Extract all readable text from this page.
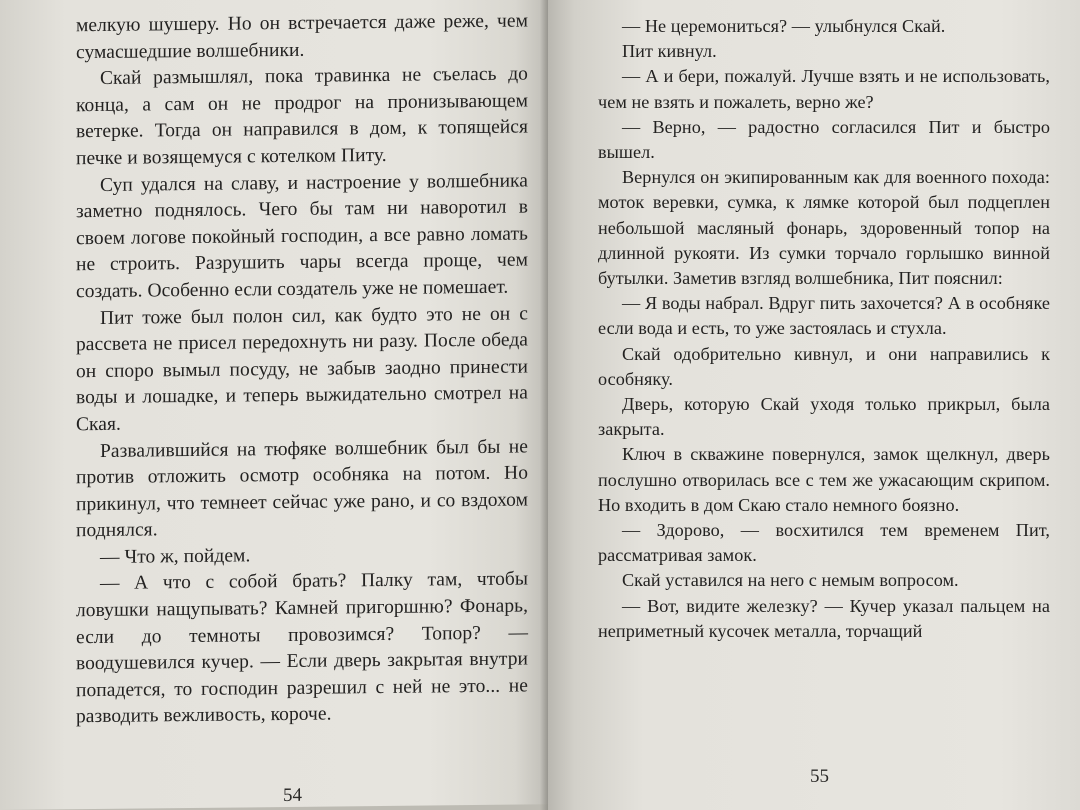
мелкую шушеру. Но он встречается даже реже, чем сумасшедшие волшебники.

Скай размышлял, пока травинка не съелась до конца, а сам он не продрог на пронизывающем ветерке. Тогда он направился в дом, к топящейся печке и возящемуся с котелком Питу.

Суп удался на славу, и настроение у волшебника заметно поднялось. Чего бы там ни наворотил в своем логове покойный господин, а все равно ломать не строить. Разрушить чары всегда проще, чем создать. Особенно если создатель уже не помешает.

Пит тоже был полон сил, как будто это не он с рассвета не присел передохнуть ни разу. После обеда он споро вымыл посуду, не забыв заодно принести воды и лошадке, и теперь выжидательно смотрел на Ская.

Развалившийся на тюфяке волшебник был бы не против отложить осмотр особняка на потом. Но прикинул, что темнеет сейчас уже рано, и со вздохом поднялся.

— Что ж, пойдем.

— А что с собой брать? Палку там, чтобы ловушки нащупывать? Камней пригоршню? Фонарь, если до темноты провозимся? Топор? — воодушевился кучер. — Если дверь закрытая внутри попадется, то господин разрешил с ней не это... не разводить вежливость, короче.

54

— Не церемониться? — улыбнулся Скай.

Пит кивнул.

— А и бери, пожалуй. Лучше взять и не использовать, чем не взять и пожалеть, верно же?

— Верно, — радостно согласился Пит и быстро вышел.

Вернулся он экипированным как для военного похода: моток веревки, сумка, к лямке которой был подцеплен небольшой масляный фонарь, здоровенный топор на длинной рукояти. Из сумки торчало горлышко винной бутылки. Заметив взгляд волшебника, Пит пояснил:

— Я воды набрал. Вдруг пить захочется? А в особняке если вода и есть, то уже застоялась и стухла.

Скай одобрительно кивнул, и они направились к особняку.

Дверь, которую Скай уходя только прикрыл, была закрыта.

Ключ в скважине повернулся, замок щелкнул, дверь послушно отворилась все с тем же ужасающим скрипом. Но входить в дом Скаю стало немного боязно.

— Здорово, — восхитился тем временем Пит, рассматривая замок.

Скай уставился на него с немым вопросом.

— Вот, видите железку? — Кучер указал пальцем на неприметный кусочек металла, торчащий

55
